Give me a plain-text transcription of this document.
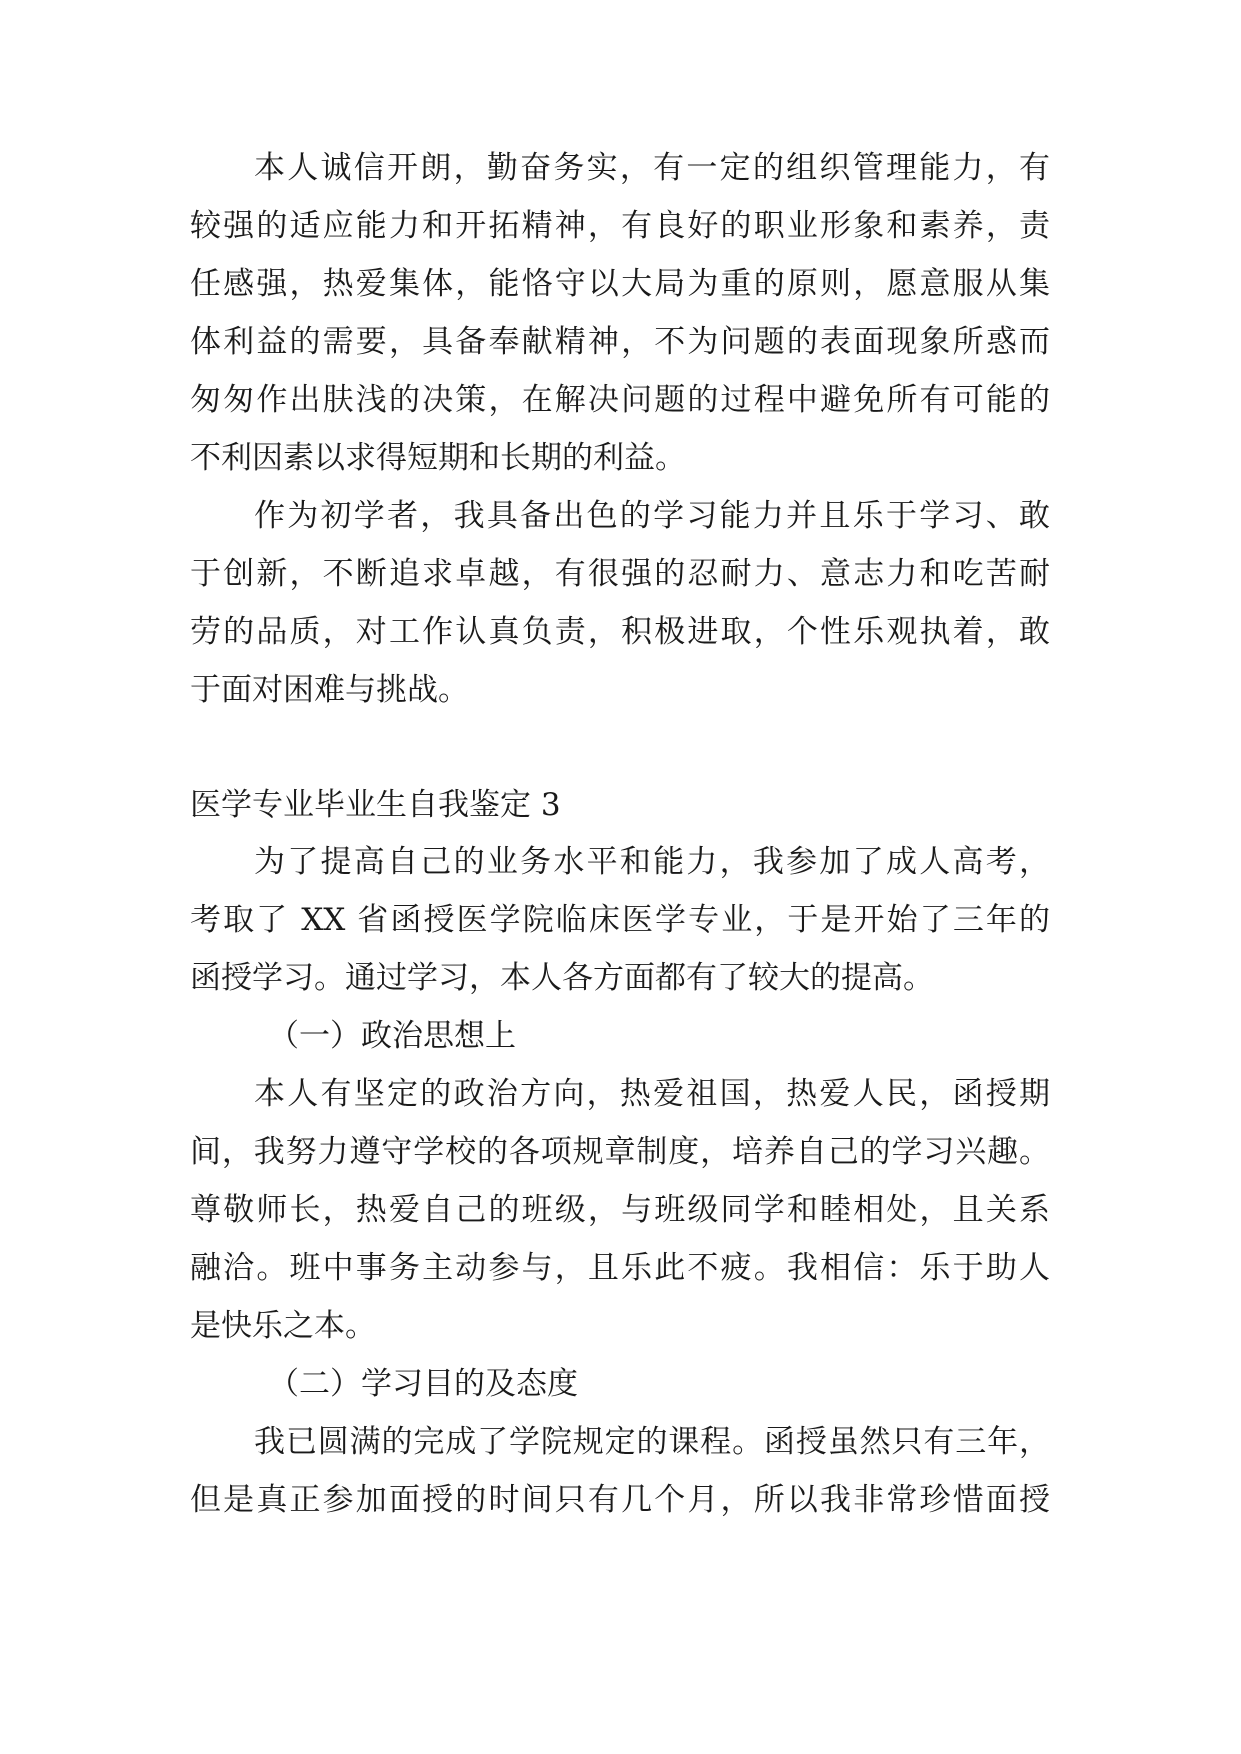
本人诚信开朗，勤奋务实，有一定的组织管理能力，有
较强的适应能力和开拓精神，有良好的职业形象和素养，责
任感强，热爱集体，能恪守以大局为重的原则，愿意服从集
体利益的需要，具备奉献精神，不为问题的表面现象所惑而
匆匆作出肤浅的决策，在解决问题的过程中避免所有可能的
不利因素以求得短期和长期的利益。
作为初学者，我具备出色的学习能力并且乐于学习、敢
于创新，不断追求卓越，有很强的忍耐力、意志力和吃苦耐
劳的品质，对工作认真负责，积极进取，个性乐观执着，敢
于面对困难与挑战。
医学专业毕业生自我鉴定 3
为了提高自己的业务水平和能力，我参加了成人高考，
考取了 XX 省函授医学院临床医学专业，于是开始了三年的
函授学习。通过学习，本人各方面都有了较大的提高。
（一）政治思想上
本人有坚定的政治方向，热爱祖国，热爱人民，函授期
间，我努力遵守学校的各项规章制度，培养自己的学习兴趣。
尊敬师长，热爱自己的班级，与班级同学和睦相处，且关系
融洽。班中事务主动参与，且乐此不疲。我相信：乐于助人
是快乐之本。
（二）学习目的及态度
我已圆满的完成了学院规定的课程。函授虽然只有三年，
但是真正参加面授的时间只有几个月，所以我非常珍惜面授
